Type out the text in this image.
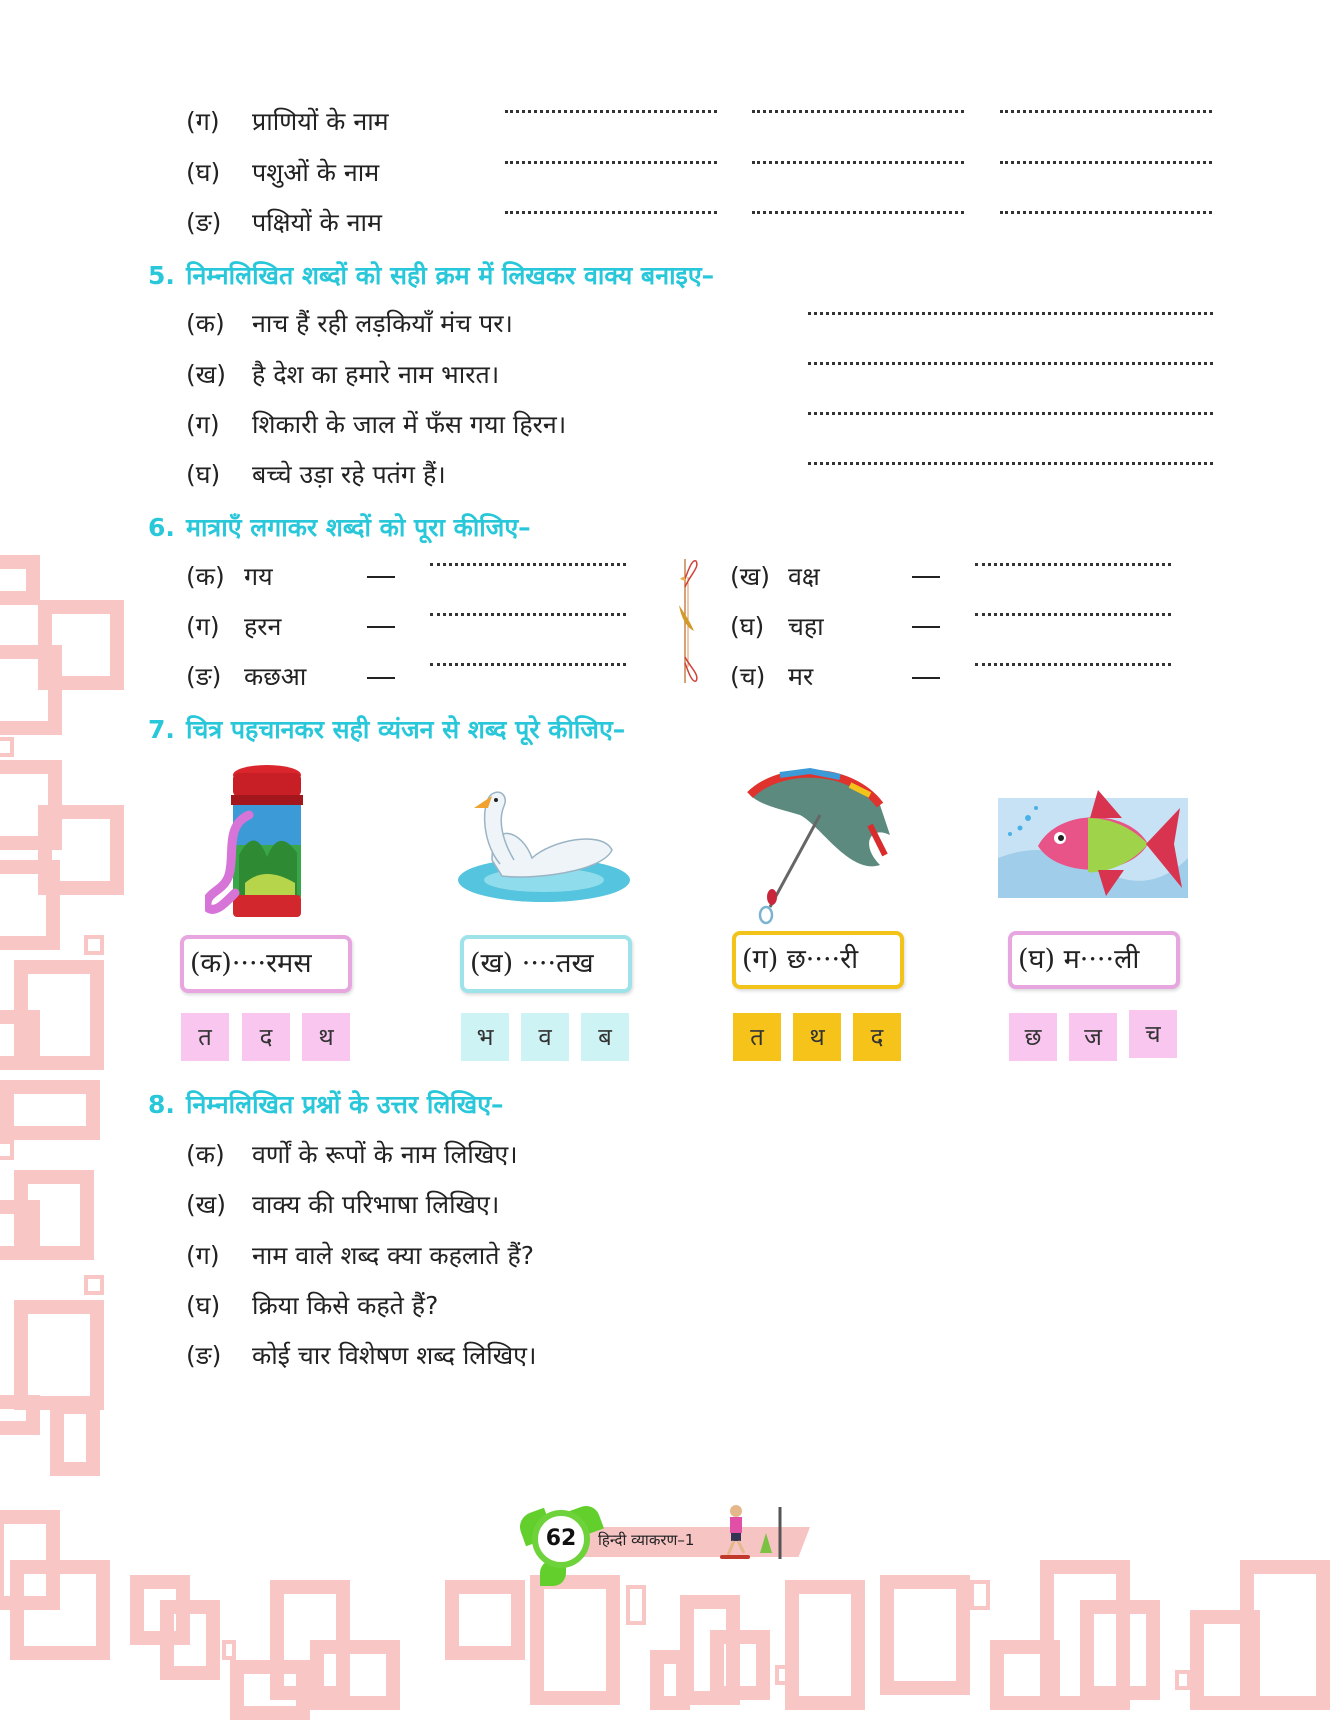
(ग) प्राणियों के नाम
(घ) पशुओं के नाम
(ङ) पक्षियों के नाम
5. निम्नलिखित शब्दों को सही क्रम में लिखकर वाक्य बनाइए–
(क) नाच हैं रही लड़कियाँ मंच पर।
(ख) है देश का हमारे नाम भारत।
(ग) शिकारी के जाल में फँस गया हिरन।
(घ) बच्चे उड़ा रहे पतंग हैं।
6. मात्राएँ लगाकर शब्दों को पूरा कीजिए–
(क) गय
(ग) हरन
(ङ) कछआ
(ख) वक्ष
(घ) चहा
(च) मर
7. चित्र पहचानकर सही व्यंजन से शब्द पूरे कीजिए–
(क)····रमस
त	द	थ
(ख) ····तख
भ	व	ब
(ग) छ····री
त	थ	द
(घ) म····ली
छ	ज	च
8. निम्नलिखित प्रश्नों के उत्तर लिखिए–
(क) वर्णों के रूपों के नाम लिखिए।
(ख) वाक्य की परिभाषा लिखिए।
(ग) नाम वाले शब्द क्या कहलाते हैं?
(घ) क्रिया किसे कहते हैं?
(ङ) कोई चार विशेषण शब्द लिखिए।
62	हिन्दी व्याकरण–1
